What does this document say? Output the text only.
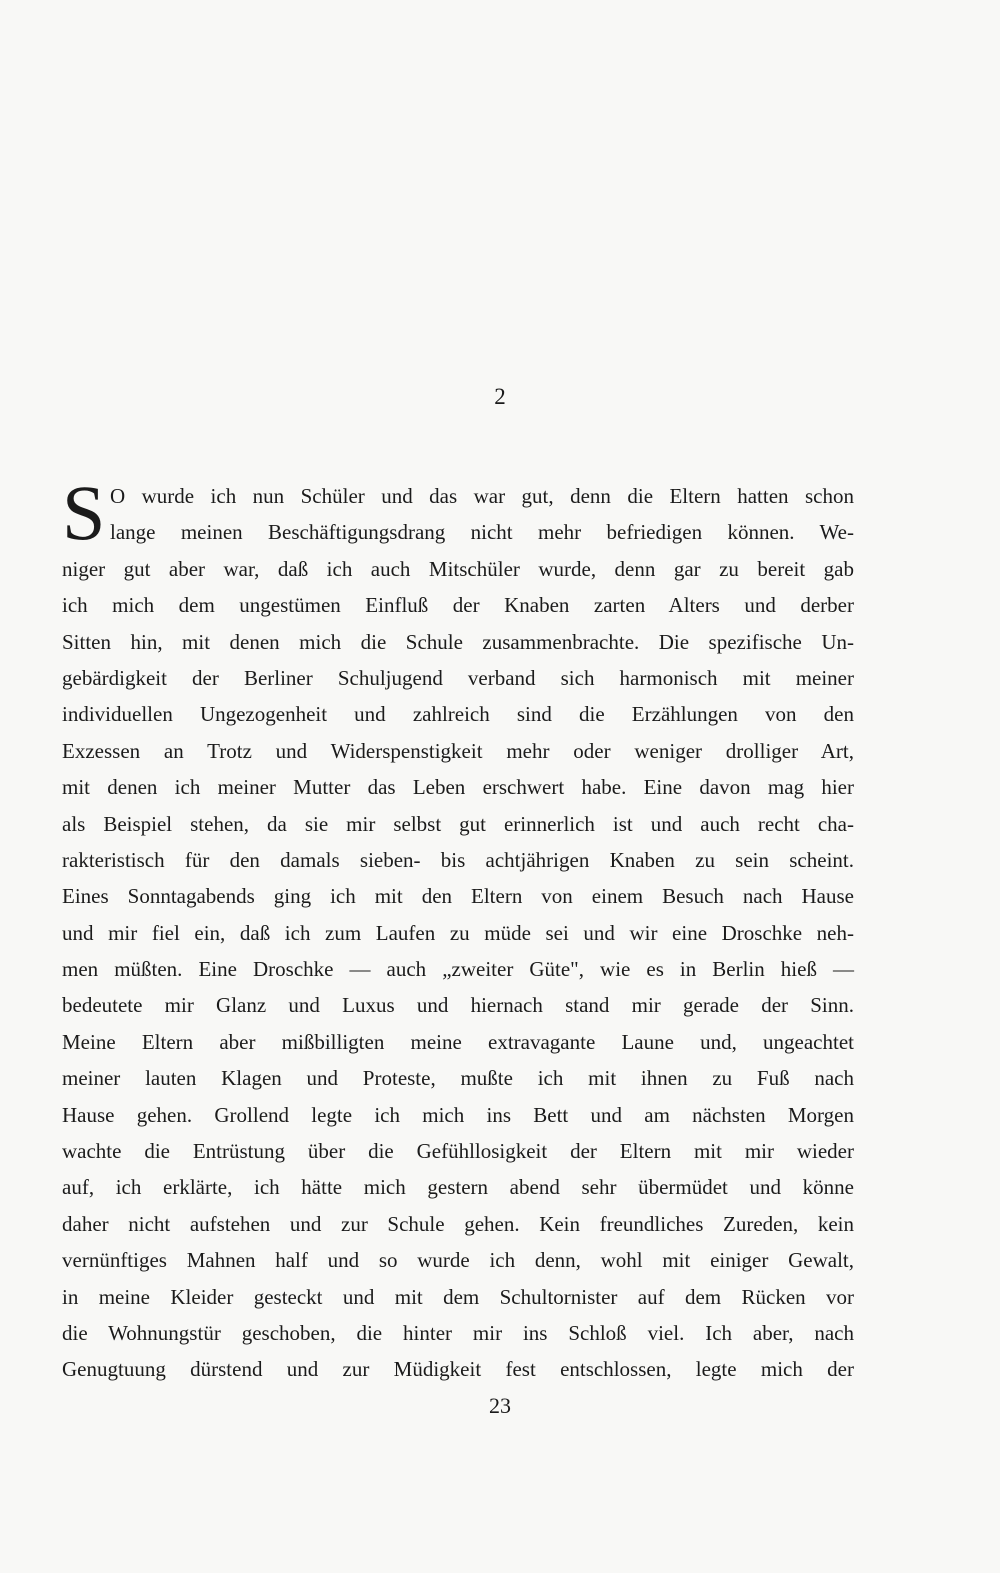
2
S O wurde ich nun Schüler und das war gut, denn die Eltern hatten schon
lange meinen Beschäftigungsdrang nicht mehr befriedigen können. We-
niger gut aber war, daß ich auch Mitschüler wurde, denn gar zu bereit gab
ich mich dem ungestümen Einfluß der Knaben zarten Alters und derber
Sitten hin, mit denen mich die Schule zusammenbrachte. Die spezifische Un-
gebärdigkeit der Berliner Schuljugend verband sich harmonisch mit meiner
individuellen Ungezogenheit und zahlreich sind die Erzählungen von den
Exzessen an Trotz und Widerspenstigkeit mehr oder weniger drolliger Art,
mit denen ich meiner Mutter das Leben erschwert habe. Eine davon mag hier
als Beispiel stehen, da sie mir selbst gut erinnerlich ist und auch recht cha-
rakteristisch für den damals sieben- bis achtjährigen Knaben zu sein scheint.
Eines Sonntagabends ging ich mit den Eltern von einem Besuch nach Hause
und mir fiel ein, daß ich zum Laufen zu müde sei und wir eine Droschke neh-
men müßten. Eine Droschke — auch „zweiter Güte", wie es in Berlin hieß —
bedeutete mir Glanz und Luxus und hiernach stand mir gerade der Sinn.
Meine Eltern aber mißbilligten meine extravagante Laune und, ungeachtet
meiner lauten Klagen und Proteste, mußte ich mit ihnen zu Fuß nach
Hause gehen. Grollend legte ich mich ins Bett und am nächsten Morgen
wachte die Entrüstung über die Gefühllosigkeit der Eltern mit mir wieder
auf, ich erklärte, ich hätte mich gestern abend sehr übermüdet und könne
daher nicht aufstehen und zur Schule gehen. Kein freundliches Zureden, kein
vernünftiges Mahnen half und so wurde ich denn, wohl mit einiger Gewalt,
in meine Kleider gesteckt und mit dem Schultornister auf dem Rücken vor
die Wohnungstür geschoben, die hinter mir ins Schloß viel. Ich aber, nach
Genugtuung dürstend und zur Müdigkeit fest entschlossen, legte mich der
23
